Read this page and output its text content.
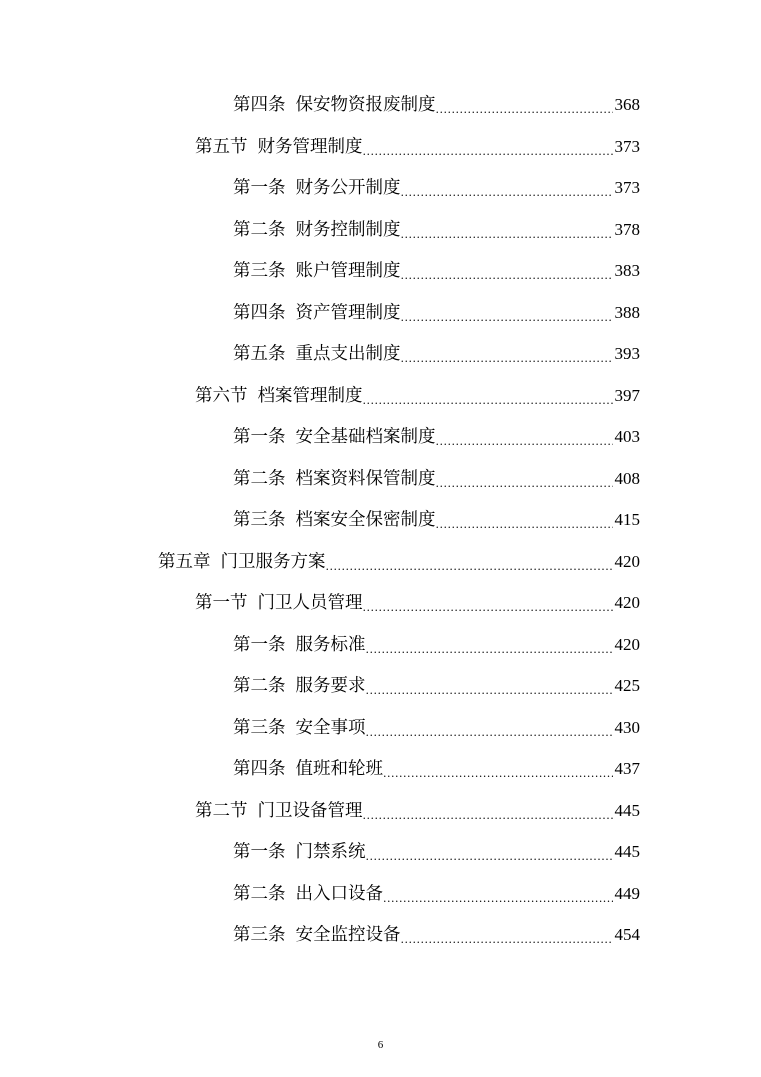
第四条 保安物资报废制度 .....	368
第五节 财务管理制度 .....	373
第一条 财务公开制度 .....	373
第二条 财务控制制度 .....	378
第三条 账户管理制度 .....	383
第四条 资产管理制度 .....	388
第五条 重点支出制度 .....	393
第六节 档案管理制度 .....	397
第一条 安全基础档案制度 .....	403
第二条 档案资料保管制度 .....	408
第三条 档案安全保密制度 .....	415
第五章 门卫服务方案 .....	420
第一节 门卫人员管理 .....	420
第一条 服务标准 .....	420
第二条 服务要求 .....	425
第三条 安全事项 .....	430
第四条 值班和轮班 .....	437
第二节 门卫设备管理 .....	445
第一条 门禁系统 .....	445
第二条 出入口设备 .....	449
第三条 安全监控设备 .....	454
6
